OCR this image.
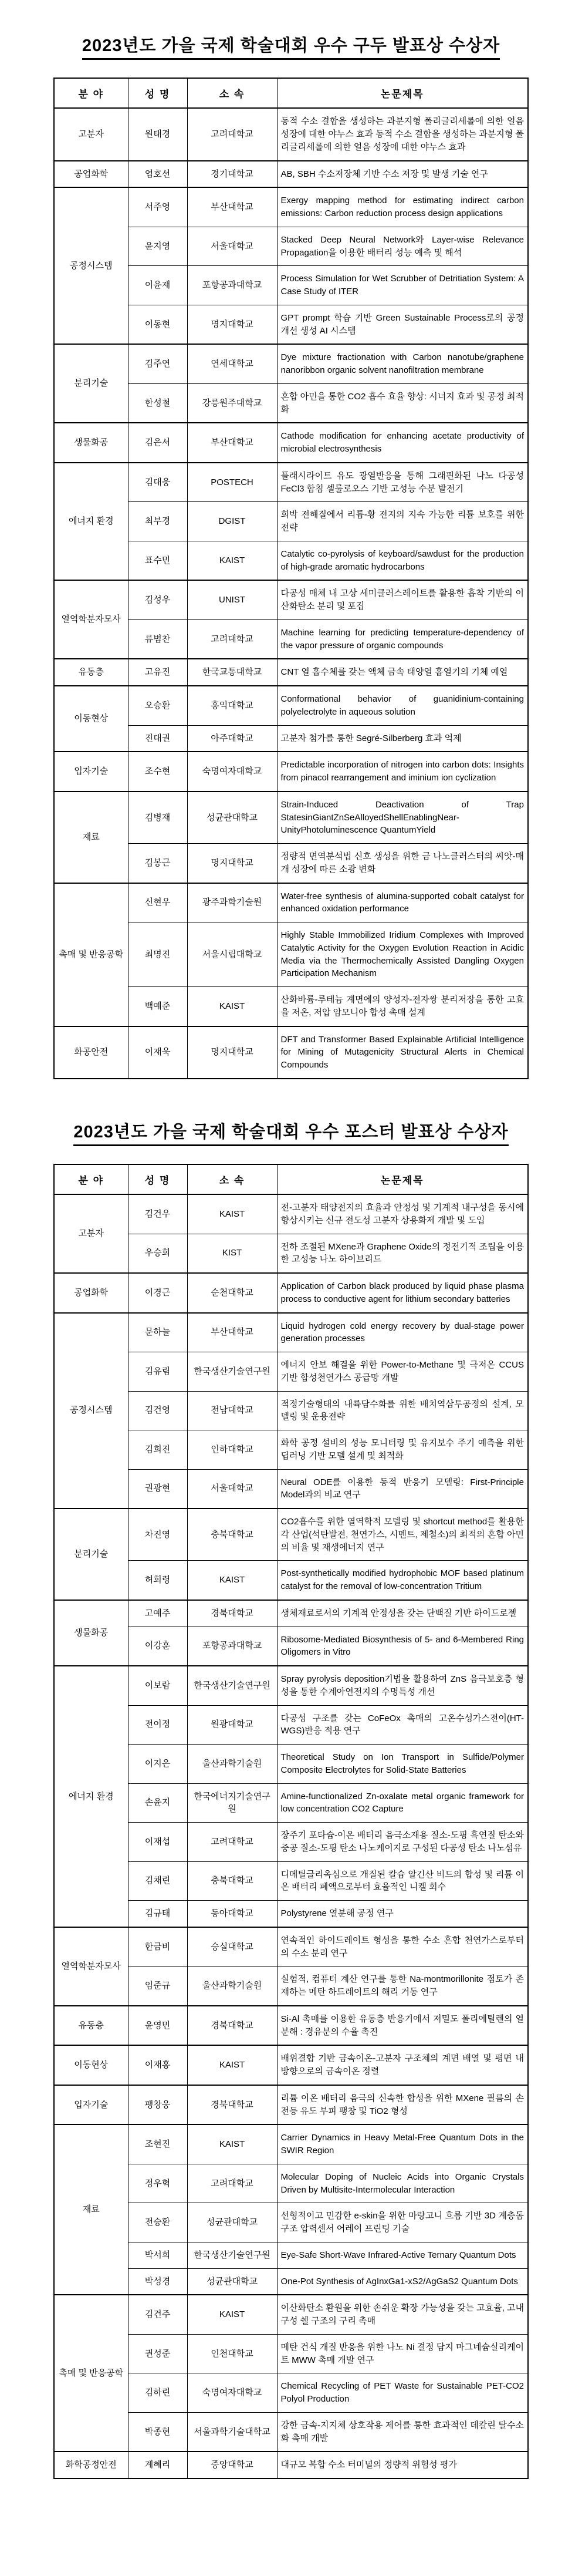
2023년도 가을 국제 학술대회 우수 구두 발표상 수상자
분 야	성 명	소 속	논문제목
고분자	원태경	고려대학교	동적 수소 결합을 생성하는 과분지형 폴리글리세롤에 의한 얼음 성장에 대한 야누스 효과 동적 수소 결합을 생성하는 과분지형 폴리글리세롤에 의한 얼음 성장에 대한 야누스 효과
공업화학	엄호선	경기대학교	AB, SBH 수소저장체 기반 수소 저장 및 발생 기술 연구
공정시스템	서주영	부산대학교	Exergy mapping method for estimating indirect carbon emissions: Carbon reduction process design applications
	윤지영	서울대학교	Stacked Deep Neural Network와 Layer-wise Relevance Propagation을 이용한 배터리 성능 예측 및 해석
	이윤재	포항공과대학교	Process Simulation for Wet Scrubber of Detritiation System: A Case Study of ITER
	이동현	명지대학교	GPT prompt 학습 기반 Green Sustainable Process로의 공정 개선 생성 AI 시스템
분리기술	김주연	연세대학교	Dye mixture fractionation with Carbon nanotube/graphene nanoribbon organic solvent nanofiltration membrane
	한성철	강릉원주대학교	혼합 아민을 통한 CO2 흡수 효율 향상: 시너지 효과 및 공정 최적화
생물화공	김은서	부산대학교	Cathode modification for enhancing acetate productivity of microbial electrosynthesis
에너지 환경	김대웅	POSTECH	플래시라이트 유도 광열반응을 통해 그래핀화된 나노 다공성 FeCl3 함침 셀룰로오스 기반 고성능 수분 발전기
	최부경	DGIST	희박 전해질에서 리튬-황 전지의 지속 가능한 리튬 보호를 위한 전략
	표수민	KAIST	Catalytic co-pyrolysis of keyboard/sawdust for the production of high-grade aromatic hydrocarbons
열역학분자모사	김성우	UNIST	다공성 매체 내 고상 세미클러스레이트를 활용한 흡착 기반의 이산화탄소 분리 및 포집
	류범찬	고려대학교	Machine learning for predicting temperature-dependency of the vapor pressure of organic compounds
유동층	고유진	한국교통대학교	CNT 열 흡수체를 갖는 액체 금속 태양열 흡열기의 기체 예열
이동현상	오승환	홍익대학교	Conformational behavior of guanidinium-containing polyelectrolyte in aqueous solution
	진대권	아주대학교	고분자 첨가를 통한 Segré-Silberberg 효과 억제
입자기술	조수현	숙명여자대학교	Predictable incorporation of nitrogen into carbon dots: Insights from pinacol rearrangement and iminium ion cyclization
재료	김병재	성균관대학교	Strain-Induced Deactivation of Trap StatesinGiantZnSeAlloyedShellEnablingNear-UnityPhotoluminescence QuantumYield
	김봉근	명지대학교	정량적 면역분석법 신호 생성을 위한 금 나노클러스터의 씨앗-매개 성장에 따른 소광 변화
촉매 및 반응공학	신현우	광주과학기술원	Water-free synthesis of alumina-supported cobalt catalyst for enhanced oxidation performance
	최명진	서울시립대학교	Highly Stable Immobilized Iridium Complexes with Improved Catalytic Activity for the Oxygen Evolution Reaction in Acidic Media via the Thermochemically Assisted Dangling Oxygen Participation Mechanism
	백예준	KAIST	산화바륨-루테늄 계면에의 양성자-전자쌍 분리저장을 통한 고효율 저온, 저압 암모니아 합성 촉매 설계
화공안전	이재욱	명지대학교	DFT and Transformer Based Explainable Artificial Intelligence for Mining of Mutagenicity Structural Alerts in Chemical Compounds
2023년도 가을 국제 학술대회 우수 포스터 발표상 수상자
분 야	성 명	소 속	논문제목
고분자	김건우	KAIST	전-고분자 태양전지의 효율과 안정성 및 기계적 내구성을 동시에 향상시키는 신규 전도성 고분자 상용화제 개발 및 도입
	우승희	KIST	전하 조절된 MXene과 Graphene Oxide의 정전기적 조립을 이용한 고성능 나노 하이브리드
공업화학	이경근	순천대학교	Application of Carbon black produced by liquid phase plasma process to conductive agent for lithium secondary batteries
공정시스템	문하늘	부산대학교	Liquid hydrogen cold energy recovery by dual-stage power generation processes
	김유림	한국생산기술연구원	에너지 안보 해결을 위한 Power-to-Methane 및 극저온 CCUS 기반 합성천연가스 공급망 개발
	김건영	전남대학교	적정기술형태의 내륙담수화를 위한 배치역삼투공정의 설계, 모델링 및 운용전략
	김희진	인하대학교	화학 공정 설비의 성능 모니터링 및 유지보수 주기 예측을 위한 딥러닝 기반 모델 설계 및 최적화
	권광현	서울대학교	Neural ODE를 이용한 동적 반응기 모델링: First-Principle Model과의 비교 연구
분리기술	차진영	충북대학교	CO2흡수를 위한 열역학적 모델링 및 shortcut method를 활용한 각 산업(석탄발전, 천연가스, 시멘트, 제철소)의 최적의 혼합 아민의 비율 및 재생에너지 연구
	허희령	KAIST	Post-synthetically modified hydrophobic MOF based platinum catalyst for the removal of low-concentration Tritium
생물화공	고예주	경북대학교	생체재료로서의 기계적 안정성을 갖는 단백질 기반 하이드로젤
	이강훈	포항공과대학교	Ribosome-Mediated Biosynthesis of 5- and 6-Membered Ring Oligomers in Vitro
에너지 환경	이보람	한국생산기술연구원	Spray pyrolysis deposition기법을 활용하여 ZnS 음극보호층 형성을 통한 수계아연전지의 수명특성 개선
	전이정	원광대학교	다공성 구조를 갖는 CoFeOx 촉매의 고온수성가스전이(HT-WGS)반응 적용 연구
	이지은	울산과학기술원	Theoretical Study on Ion Transport in Sulfide/Polymer Composite Electrolytes for Solid-State Batteries
	손윤지	한국에너지기술연구원	Amine-functionalized Zn-oxalate metal organic framework for low concentration CO2 Capture
	이재섭	고려대학교	장주기 포타슘-이온 배터리 음극소재용 질소-도핑 흑연질 탄소와 중공 질소-도핑 탄소 나노케이지로 구성된 다공성 탄소 나노섬유
	김채린	충북대학교	디메틸글리옥심으로 개질된 칼슘 알긴산 비드의 합성 및 리튬 이온 배터리 폐액으로부터 효율적인 니켈 회수
	김규태	동아대학교	Polystyrene 열분해 공정 연구
열역학분자모사	한금비	숭실대학교	연속적인 하이드레이트 형성을 통한 수소 혼합 천연가스로부터의 수소 분리 연구
	임준규	울산과학기술원	실험적, 컴퓨터 계산 연구를 통한 Na-montmorillonite 점토가 존재하는 메탄 하드레이트의 해리 거동 연구
유동층	윤영민	경북대학교	Si-Al 촉매를 이용한 유동층 반응기에서 저밀도 폴리에틸렌의 열분해 : 경유분의 수율 촉진
이동현상	이재홍	KAIST	배위결합 기반 금속이온-고분자 구조체의 계면 배열 및 평면 내 방향으로의 금속이온 정렬
입자기술	팽창웅	경북대학교	리튬 이온 배터리 음극의 신속한 합성을 위한 MXene 필름의 손전등 유도 부피 팽창 및 TiO2 형성
재료	조현진	KAIST	Carrier Dynamics in Heavy Metal-Free Quantum Dots in the SWIR Region
	정우혁	고려대학교	Molecular Doping of Nucleic Acids into Organic Crystals Driven by Multisite-Intermolecular Interaction
	전승환	성균관대학교	선형적이고 민감한 e-skin을 위한 마랑고니 흐름 기반 3D 계층돔 구조 압력센서 어레이 프린팅 기술
	박서희	한국생산기술연구원	Eye-Safe Short-Wave Infrared-Active Ternary Quantum Dots
	박성경	성균관대학교	One-Pot Synthesis of AgInxGa1-xS2/AgGaS2 Quantum Dots
촉매 및 반응공학	김건주	KAIST	이산화탄소 환원을 위한 손쉬운 확장 가능성을 갖는 고효율, 고내구성 쉘 구조의 구리 촉매
	권성준	인천대학교	메탄 건식 개질 반응을 위한 나노 Ni 결정 담지 마그네슘실리케이트 MWW 촉매 개발 연구
	김하린	숙명여자대학교	Chemical Recycling of PET Waste for Sustainable PET-CO2 Polyol Production
	박종현	서울과학기술대학교	강한 금속-지지체 상호작용 제어를 통한 효과적인 데칼린 탈수소화 촉매 개발
화학공정안전	계혜리	중앙대학교	대규모 복합 수소 터미널의 정량적 위험성 평가
